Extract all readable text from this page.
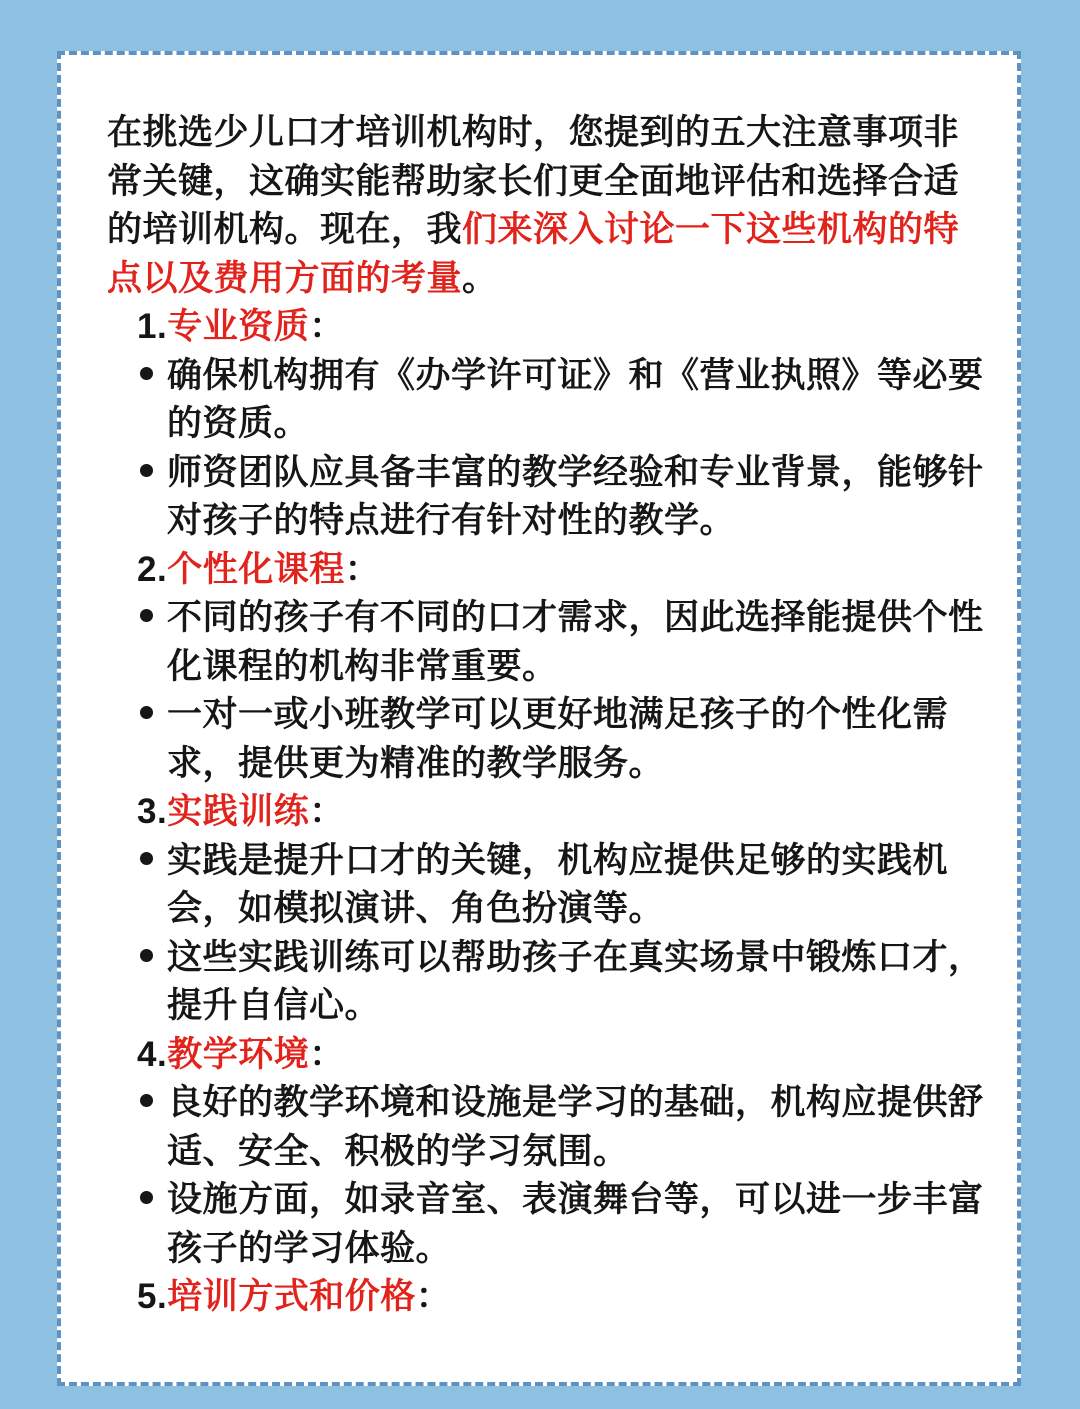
在挑选少儿口才培训机构时，您提到的五大注意事项非
常关键，这确实能帮助家长们更全面地评估和选择合适
的培训机构。现在，我们来深入讨论一下这些机构的特
点以及费用方面的考量。
1.专业资质：
确保机构拥有《办学许可证》和《营业执照》等必要
的资质。
师资团队应具备丰富的教学经验和专业背景，能够针
对孩子的特点进行有针对性的教学。
2.个性化课程：
不同的孩子有不同的口才需求，因此选择能提供个性
化课程的机构非常重要。
一对一或小班教学可以更好地满足孩子的个性化需
求，提供更为精准的教学服务。
3.实践训练：
实践是提升口才的关键，机构应提供足够的实践机
会，如模拟演讲、角色扮演等。
这些实践训练可以帮助孩子在真实场景中锻炼口才，
提升自信心。
4.教学环境：
良好的教学环境和设施是学习的基础，机构应提供舒
适、安全、积极的学习氛围。
设施方面，如录音室、表演舞台等，可以进一步丰富
孩子的学习体验。
5.培训方式和价格：
